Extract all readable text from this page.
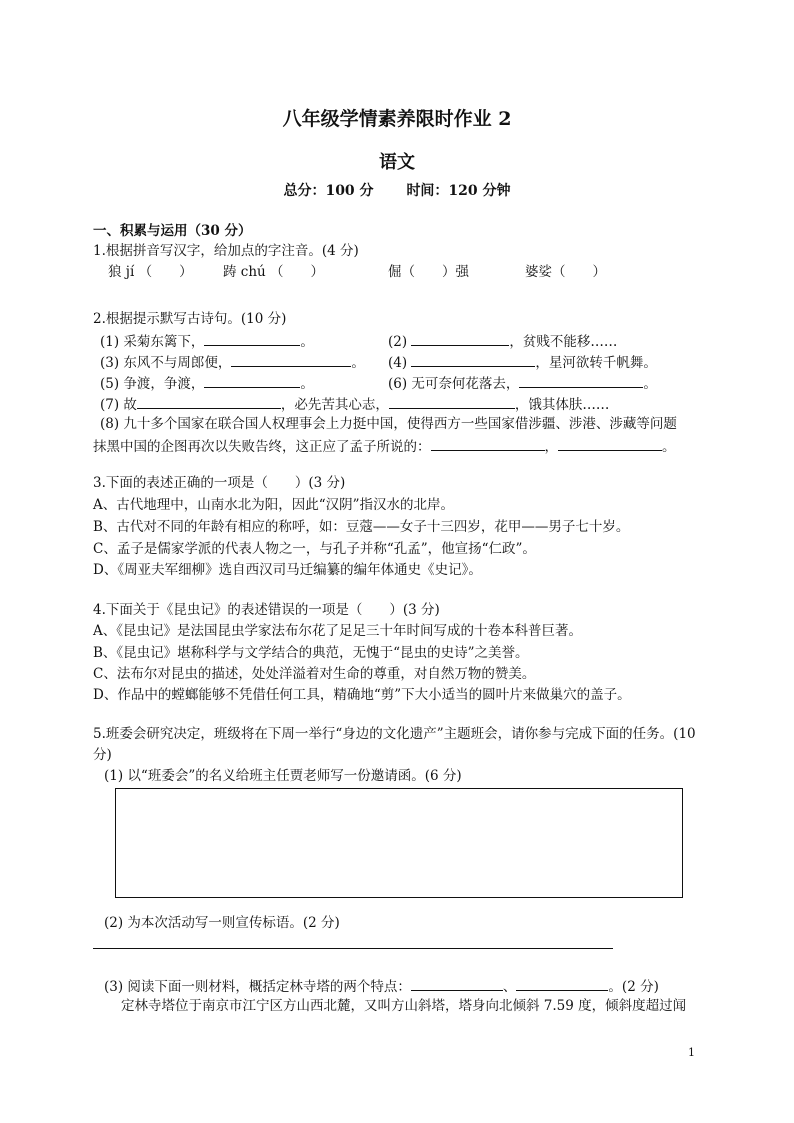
八年级学情素养限时作业 2
语文
总分：100 分 时间：120 分钟
一、积累与运用（30 分）
1.根据拼音写汉字，给加点的字注音。(4 分)
狼 jí （　　） 踌 chú （　　）	倔（　　）强	婆娑（　　）
2.根据提示默写古诗句。(10 分)
(1) 采菊东篱下，	。	(2)	，贫贱不能移……
(3) 东风不与周郎便，	。 (4)	，星河欲转千帆舞。
(5) 争渡，争渡，	。	(6) 无可奈何花落去，	。
(7) 故	，必先苦其心志，	，饿其体肤……
(8) 九十多个国家在联合国人权理事会上力挺中国，使得西方一些国家借涉疆、涉港、涉藏等问题
抹黑中国的企图再次以失败告终，这正应了孟子所说的：	，	。
3.下面的表述正确的一项是（　　）(3 分)
A、古代地理中，山南水北为阳，因此“汉阴”指汉水的北岸。
B、古代对不同的年龄有相应的称呼，如：豆蔻——女子十三四岁，花甲——男子七十岁。
C、孟子是儒家学派的代表人物之一，与孔子并称“孔孟”，他宣扬“仁政”。
D、《周亚夫军细柳》选自西汉司马迁编纂的编年体通史《史记》。
4.下面关于《昆虫记》的表述错误的一项是（　　）(3 分)
A、《昆虫记》是法国昆虫学家法布尔花了足足三十年时间写成的十卷本科普巨著。
B、《昆虫记》堪称科学与文学结合的典范，无愧于“昆虫的史诗”之美誉。
C、法布尔对昆虫的描述，处处洋溢着对生命的尊重，对自然万物的赞美。
D、作品中的螳螂能够不凭借任何工具，精确地“剪”下大小适当的圆叶片来做巢穴的盖子。
5.班委会研究决定，班级将在下周一举行“身边的文化遗产”主题班会，请你参与完成下面的任务。(10
分)
(1) 以“班委会”的名义给班主任贾老师写一份邀请函。(6 分)
(2) 为本次活动写一则宣传标语。(2 分)
(3) 阅读下面一则材料，概括定林寺塔的两个特点：	、	。(2 分)
定林寺塔位于南京市江宁区方山西北麓，又叫方山斜塔，塔身向北倾斜 7.59 度，倾斜度超过闻
1
